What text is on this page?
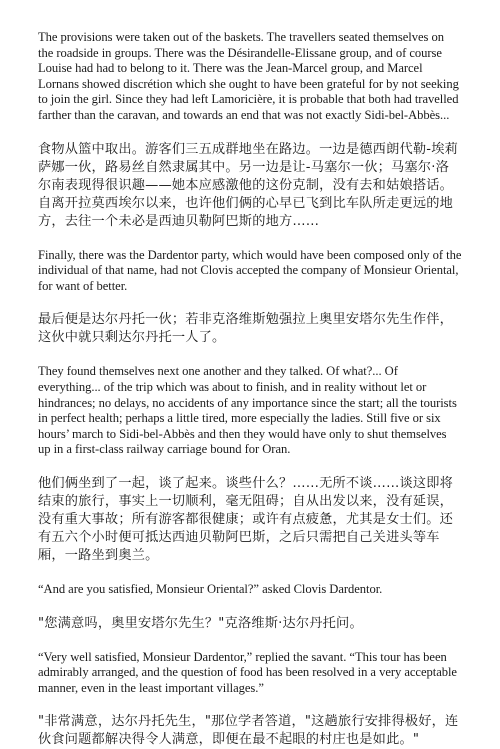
The provisions were taken out of the baskets. The travellers seated themselves on the roadside in groups. There was the Désirandelle-Elissane group, and of course Louise had had to belong to it. There was the Jean-Marcel group, and Marcel Lornans showed discrétion which she ought to have been grateful for by not seeking to join the girl. Since they had left Lamoricière, it is probable that both had travelled farther than the caravan, and towards an end that was not exactly Sidi-bel-Abbès...

食物从篮中取出。游客们三五成群地坐在路边。一边是德西朗代勒-埃莉萨娜一伙，路易丝自然隶属其中。另一边是让-马塞尔一伙；马塞尔·洛尔南表现得很识趣——她本应感激他的这份克制，没有去和姑娘搭话。自离开拉莫西埃尔以来，也许他们俩的心早已飞到比车队所走更远的地方，去往一个未必是西迪贝勒阿巴斯的地方……

Finally, there was the Dardentor party, which would have been composed only of the individual of that name, had not Clovis accepted the company of Monsieur Oriental, for want of better.

最后便是达尔丹托一伙；若非克洛维斯勉强拉上奥里安塔尔先生作伴，这伙中就只剩达尔丹托一人了。

They found themselves next one another and they talked. Of what?... Of everything... of the trip which was about to finish, and in reality without let or hindrances; no delays, no accidents of any importance since the start; all the tourists in perfect health; perhaps a little tired, more especially the ladies. Still five or six hours’ march to Sidi-bel-Abbès and then they would have only to shut themselves up in a first-class railway carriage bound for Oran.

他们俩坐到了一起，谈了起来。谈些什么？……无所不谈……谈这即将结束的旅行，事实上一切顺利，毫无阻碍；自从出发以来，没有延误，没有重大事故；所有游客都很健康；或许有点疲惫，尤其是女士们。还有五六个小时便可抵达西迪贝勒阿巴斯，之后只需把自己关进头等车厢，一路坐到奥兰。

“And are you satisfied, Monsieur Oriental?” asked Clovis Dardentor.

"您满意吗，奥里安塔尔先生？"克洛维斯·达尔丹托问。

“Very well satisfied, Monsieur Dardentor,” replied the savant. “This tour has been admirably arranged, and the question of food has been resolved in a very acceptable manner, even in the least important villages.”

"非常满意，达尔丹托先生，"那位学者答道，"这趟旅行安排得极好，连伙食问题都解决得令人满意，即便在最不起眼的村庄也是如此。"
